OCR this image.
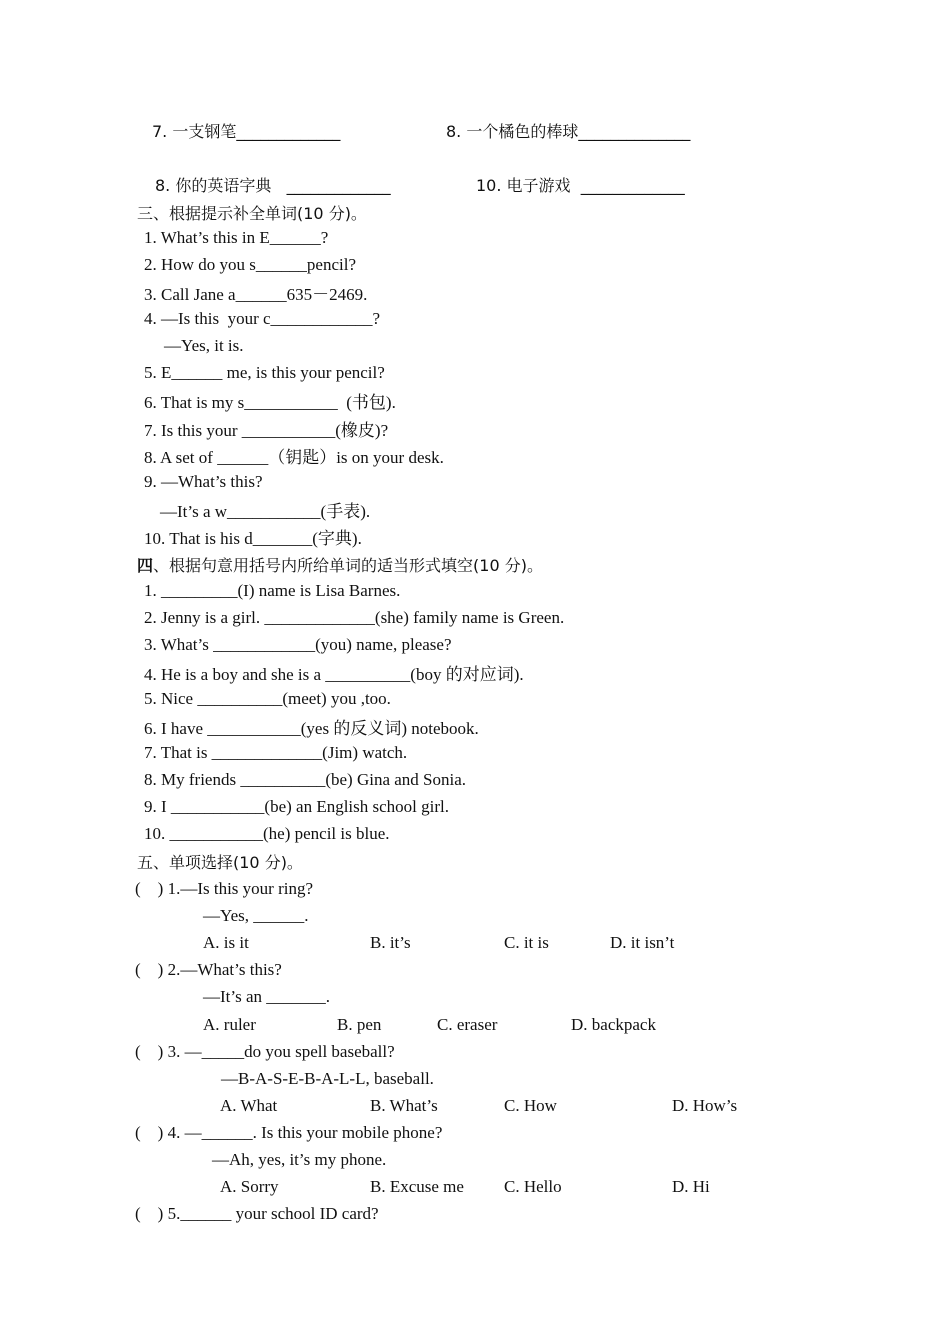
7. 一支钢笔_____________	8. 一个橘色的棒球______________
8. 你的英语字典   _____________	10. 电子游戏  _____________
三、根据提示补全单词(10 分)。
1. What’s this in E______?
2. How do you s______pencil?
3. Call Jane a______635－2469.
4. —Is this  your c____________?
—Yes, it is.
5. E______ me, is this your pencil?
6. That is my s___________  (书包).
7. Is this your ___________(橡皮)?
8. A set of ______（钥匙）is on your desk.
9. —What’s this?
—It’s a w___________(手表).
10. That is his d_______(字典).
四、根据句意用括号内所给单词的适当形式填空(10 分)。
1. _________(I) name is Lisa Barnes.
2. Jenny is a girl. _____________(she) family name is Green.
3. What’s ____________(you) name, please?
4. He is a boy and she is a __________(boy 的对应词).
5. Nice __________(meet) you ,too.
6. I have ___________(yes 的反义词) notebook.
7. That is _____________(Jim) watch.
8. My friends __________(be) Gina and Sonia.
9. I ___________(be) an English school girl.
10. ___________(he) pencil is blue.
五、单项选择(10 分)。
(    ) 1.—Is this your ring?
—Yes, ______.
A. is it	B. it’s	C. it is	D. it isn’t
(    ) 2.—What’s this?
—It’s an _______.
A. ruler	B. pen	C. eraser	D. backpack
(    ) 3. —_____do you spell baseball?
—B-A-S-E-B-A-L-L, baseball.
A. What	B. What’s	C. How	D. How’s
(    ) 4. —______. Is this your mobile phone?
—Ah, yes, it’s my phone.
A. Sorry	B. Excuse me C. Hello	D. Hi
(    ) 5.______ your school ID card?
